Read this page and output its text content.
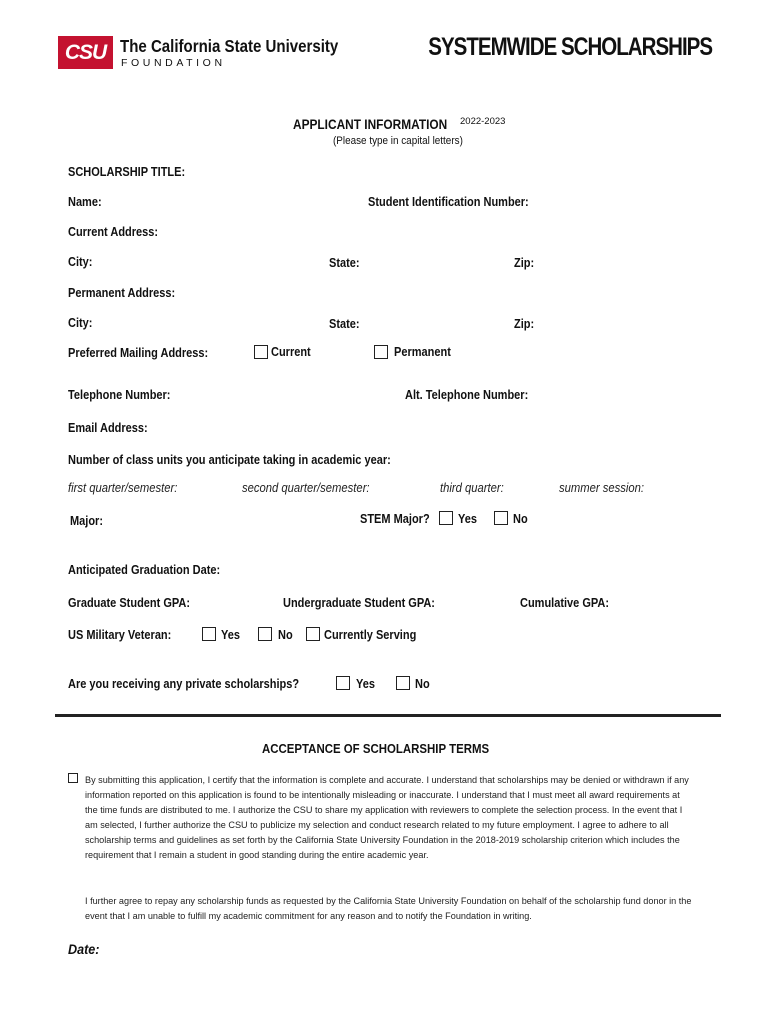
CSU The California State University
FOUNDATION
SYSTEMWIDE SCHOLARSHIPS
APPLICANT INFORMATION	2022-2023
(Please type in capital letters)
SCHOLARSHIP TITLE:
Name:	Student Identification Number:
Current Address:
City:	State:	Zip:
Permanent Address:
City:	State:	Zip:
Preferred Mailing Address:	Current	Permanent
Telephone Number:	Alt. Telephone Number:
Email Address:
Number of class units you anticipate taking in academic year:
first quarter/semester:	second quarter/semester:	third quarter:	summer session:
Major:	STEM Major? Yes	No
Anticipated Graduation Date:
Graduate Student GPA:	Undergraduate Student GPA:	Cumulative GPA:
US Military Veteran:	Yes	No	Currently Serving
Are you receiving any private scholarships?	Yes	No
ACCEPTANCE OF SCHOLARSHIP TERMS
By submitting this application, I certify that the information is complete and accurate. I understand that scholarships may be denied or withdrawn if any information reported on this application is found to be intentionally misleading or inaccurate. I understand that I must meet all award requirements at the time funds are distributed to me. I authorize the CSU to share my application with reviewers to complete the selection process. In the event that I am selected, I further authorize the CSU to publicize my selection and conduct research related to my future employment. I agree to adhere to all scholarship terms and guidelines as set forth by the California State University Foundation in the 2018-2019 scholarship criterion which includes the requirement that I remain a student in good standing during the entire academic year.
I further agree to repay any scholarship funds as requested by the California State University Foundation on behalf of the scholarship fund donor in the event that I am unable to fulfill my academic commitment for any reason and to notify the Foundation in writing.
Date:
